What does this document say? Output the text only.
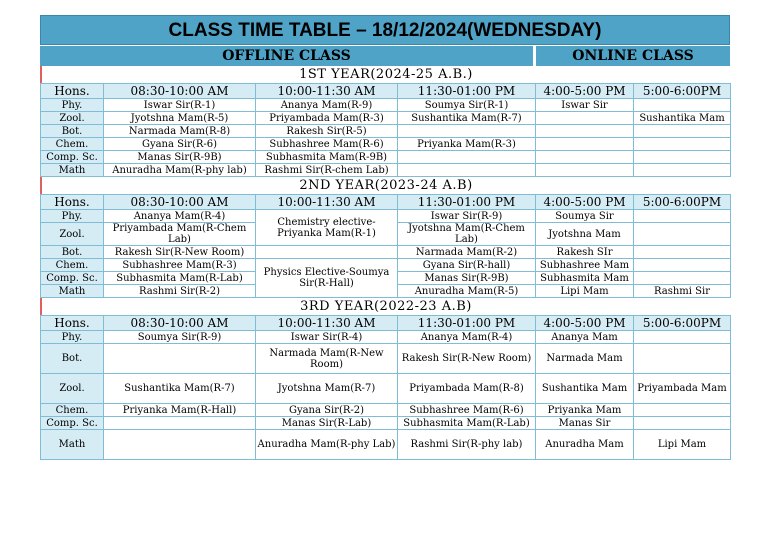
CLASS TIME TABLE – 18/12/2024(WEDNESDAY)
OFFLINE CLASS	ONLINE CLASS
1ST YEAR(2024-25 A.B.)
Hons.	08:30-10:00 AM	10:00-11:30 AM	11:30-01:00 PM	4:00-5:00 PM	5:00-6:00PM
Phy.	Iswar Sir(R-1)	Ananya Mam(R-9)	Soumya Sir(R-1)	Iswar Sir	
Zool.	Jyotshna Mam(R-5)	Priyambada Mam(R-3)	Sushantika Mam(R-7)		Sushantika Mam
Bot.	Narmada Mam(R-8)	Rakesh Sir(R-5)			
Chem.	Gyana Sir(R-6)	Subhashree Mam(R-6)	Priyanka Mam(R-3)		
Comp. Sc.	Manas Sir(R-9B)	Subhasmita Mam(R-9B)			
Math	Anuradha Mam(R-phy lab)	Rashmi Sir(R-chem Lab)			
2ND YEAR(2023-24 A.B)
Hons.	08:30-10:00 AM	10:00-11:30 AM	11:30-01:00 PM	4:00-5:00 PM	5:00-6:00PM
Phy.	Ananya Mam(R-4)	Chemistry elective-Priyanka Mam(R-1)	Iswar Sir(R-9)	Soumya Sir	
Zool.	Priyambada Mam(R-Chem Lab)		Jyotshna Mam(R-Chem Lab)	Jyotshna Mam	
Bot.	Rakesh Sir(R-New Room)		Narmada Mam(R-2)	Rakesh SIr	
Chem.	Subhashree Mam(R-3)	Physics Elective-Soumya Sir(R-Hall)	Gyana Sir(R-hall)	Subhashree Mam	
Comp. Sc.	Subhasmita Mam(R-Lab)		Manas Sir(R-9B)	Subhasmita Mam	
Math	Rashmi Sir(R-2)		Anuradha Mam(R-5)	Lipi Mam	Rashmi Sir
3RD YEAR(2022-23 A.B)
Hons.	08:30-10:00 AM	10:00-11:30 AM	11:30-01:00 PM	4:00-5:00 PM	5:00-6:00PM
Phy.	Soumya Sir(R-9)	Iswar Sir(R-4)	Ananya Mam(R-4)	Ananya Mam	
Bot.		Narmada Mam(R-New Room)	Rakesh Sir(R-New Room)	Narmada Mam	
Zool.	Sushantika Mam(R-7)	Jyotshna Mam(R-7)	Priyambada Mam(R-8)	Sushantika Mam	Priyambada Mam
Chem.	Priyanka Mam(R-Hall)	Gyana Sir(R-2)	Subhashree Mam(R-6)	Priyanka Mam	
Comp. Sc.		Manas Sir(R-Lab)	Subhasmita Mam(R-Lab)	Manas Sir	
Math		Anuradha Mam(R-phy Lab)	Rashmi Sir(R-phy lab)	Anuradha Mam	Lipi Mam
